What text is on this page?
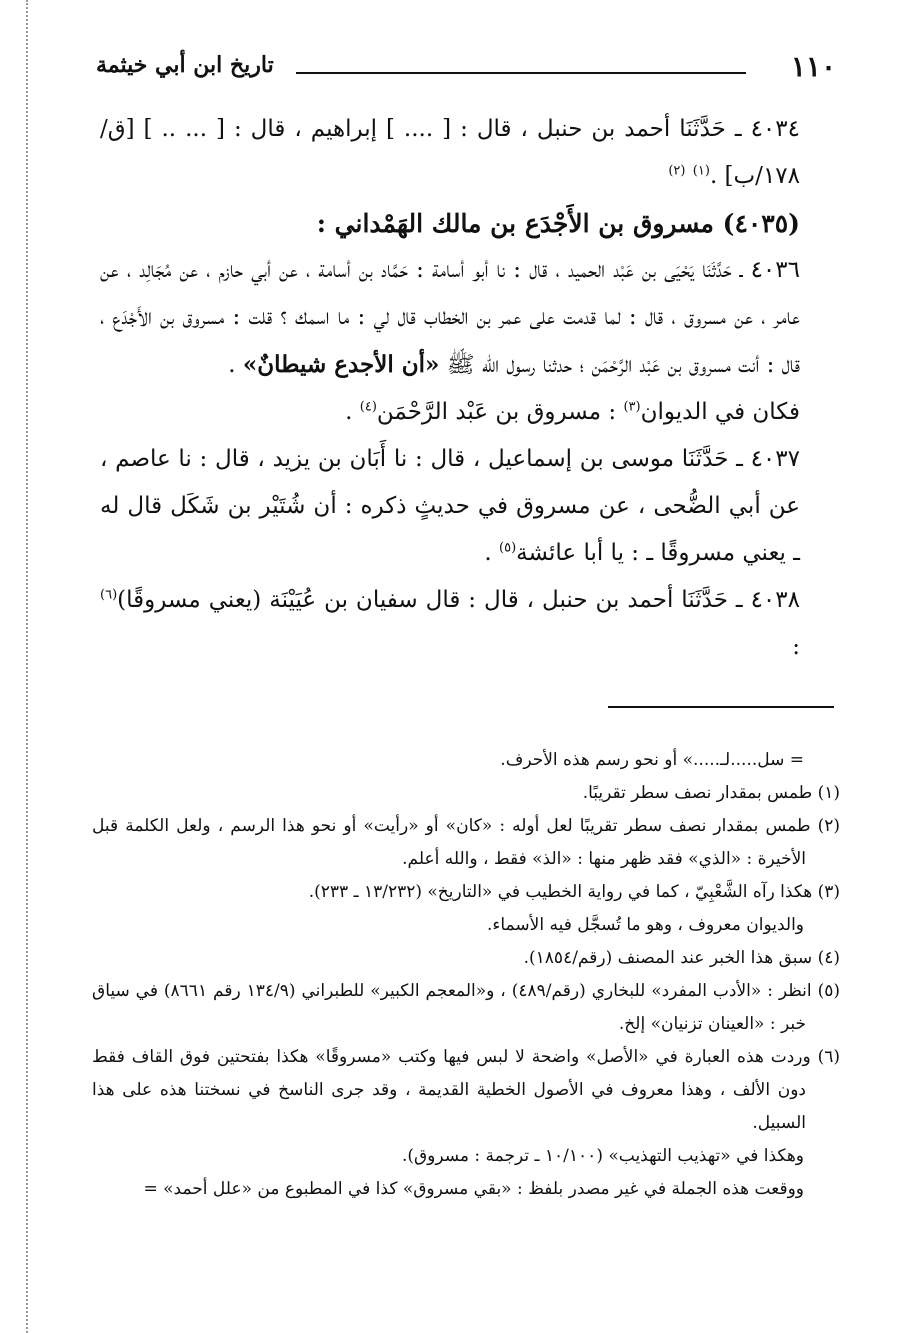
١١٠
تاريخ ابن أبي خيثمة

٤٠٣٤ ـ حَدَّثَنَا أحمد بن حنبل ، قال : [ .... ] إبراهيم ، قال : [ ... .. ] [ق/١٧٨/ب] .$^{(١)}$ $^{(٢)}$

(٤٠٣٥) مسروق بن الأَجْدَع بن مالك الهَمْداني :

٤٠٣٦ ـ حَدَّثَنَا يَحْيَى بن عَبْد الحميد ، قال : نا أبو أسامة : حَمَّاد بن أسامة ، عن أبي حازم ، عن مُجَالِد ، عن عامر ، عن مسروق ، قال : لما قدمت على عمر بن الخطاب قال لي : ما اسمك ؟ قلت : مسروق بن الأَجْدَع ، قال : أنت مسروق بن عَبْد الرَّحْمَن ؛ حدثنا رسول الله ﷺ «أن الأجدع شيطانٌ» .

فكان في الديوان$^{(٣)}$ : مسروق بن عَبْد الرَّحْمَن$^{(٤)}$ .

٤٠٣٧ ـ حَدَّثَنَا موسى بن إسماعيل ، قال : نا أَبَان بن يزيد ، قال : نا عاصم ، عن أبي الضُّحى ، عن مسروق في حديثٍ ذكره : أن شُتَيْر بن شَكَل قال له ـ يعني مسروقًا ـ : يا أبا عائشة$^{(٥)}$ .

٤٠٣٨ ـ حَدَّثَنَا أحمد بن حنبل ، قال : قال سفيان بن عُيَيْنَة (يعني مسروقًا)$^{(٦)}$ :

= سل.....لـ.....» أو نحو رسم هذه الأحرف.

(١) طمس بمقدار نصف سطر تقريبًا.

(٢) طمس بمقدار نصف سطر تقريبًا لعل أوله : «كان» أو «رأيت» أو نحو هذا الرسم ، ولعل الكلمة قبل الأخيرة : «الذي» فقد ظهر منها : «الذ» فقط ، والله أعلم.

(٣) هكذا رآه الشَّعْبِيّ ، كما في رواية الخطيب في «التاريخ» (١٣/٢٣٢ ـ ٢٣٣).

والديوان معروف ، وهو ما تُسجَّل فيه الأسماء.

(٤) سبق هذا الخبر عند المصنف (رقم/١٨٥٤).

(٥) انظر : «الأدب المفرد» للبخاري (رقم/٤٨٩) ، و«المعجم الكبير» للطبراني (١٣٤/٩ رقم ٨٦٦١) في سياق خبر : «العينان تزنيان» إلخ.

(٦) وردت هذه العبارة في «الأصل» واضحة لا لبس فيها وكتب «مسروقًا» هكذا بفتحتين فوق القاف فقط دون الألف ، وهذا معروف في الأصول الخطية القديمة ، وقد جرى الناسخ في نسختنا هذه على هذا السبيل.

وهكذا في «تهذيب التهذيب» (١٠/١٠٠ ـ ترجمة : مسروق).

ووقعت هذه الجملة في غير مصدر بلفظ : «بقي مسروق» كذا في المطبوع من «علل أحمد» =
